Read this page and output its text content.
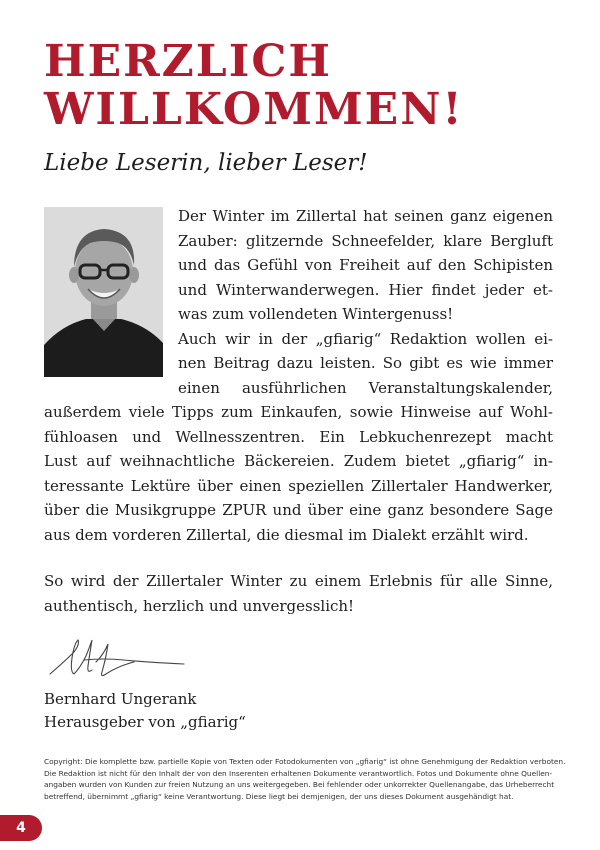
HERZLICH
WILLKOMMEN!

Liebe Leserin, lieber Leser!

Der Winter im Zillertal hat seinen ganz eigenen
Zauber: glitzernde Schneefelder, klare Bergluft
und das Gefühl von Freiheit auf den Schipisten
und Winterwanderwegen. Hier findet jeder et-
was zum vollendeten Wintergenuss!
Auch wir in der „gfiarig“ Redaktion wollen ei-
nen Beitrag dazu leisten. So gibt es wie immer
einen ausführlichen Veranstaltungskalender,
außerdem viele Tipps zum Einkaufen, sowie Hinweise auf Wohl-
fühloasen und Wellnesszentren. Ein Lebkuchenrezept macht
Lust auf weihnachtliche Bäckereien. Zudem bietet „gfiarig“ in-
teressante Lektüre über einen speziellen Zillertaler Handwerker,
über die Musikgruppe ZPUR und über eine ganz besondere Sage
aus dem vorderen Zillertal, die diesmal im Dialekt erzählt wird.
So wird der Zillertaler Winter zu einem Erlebnis für alle Sinne,
authentisch, herzlich und unvergesslich!
Bernhard Ungerank
Herausgeber von „gfiarig“
Copyright: Die komplette bzw. partielle Kopie von Texten oder Fotodokumenten von „gfiarig“ ist ohne Genehmigung der Redaktion verboten.
Die Redaktion ist nicht für den Inhalt der von den Inserenten erhaltenen Dokumente verantwortlich. Fotos und Dokumente ohne Quellen-
angaben wurden von Kunden zur freien Nutzung an uns weitergegeben. Bei fehlender oder unkorrekter Quellenangabe, das Urheberrecht
betreffend, übernimmt „gfiarig“ keine Verantwortung. Diese liegt bei demjenigen, der uns dieses Dokument ausgehändigt hat.
4
